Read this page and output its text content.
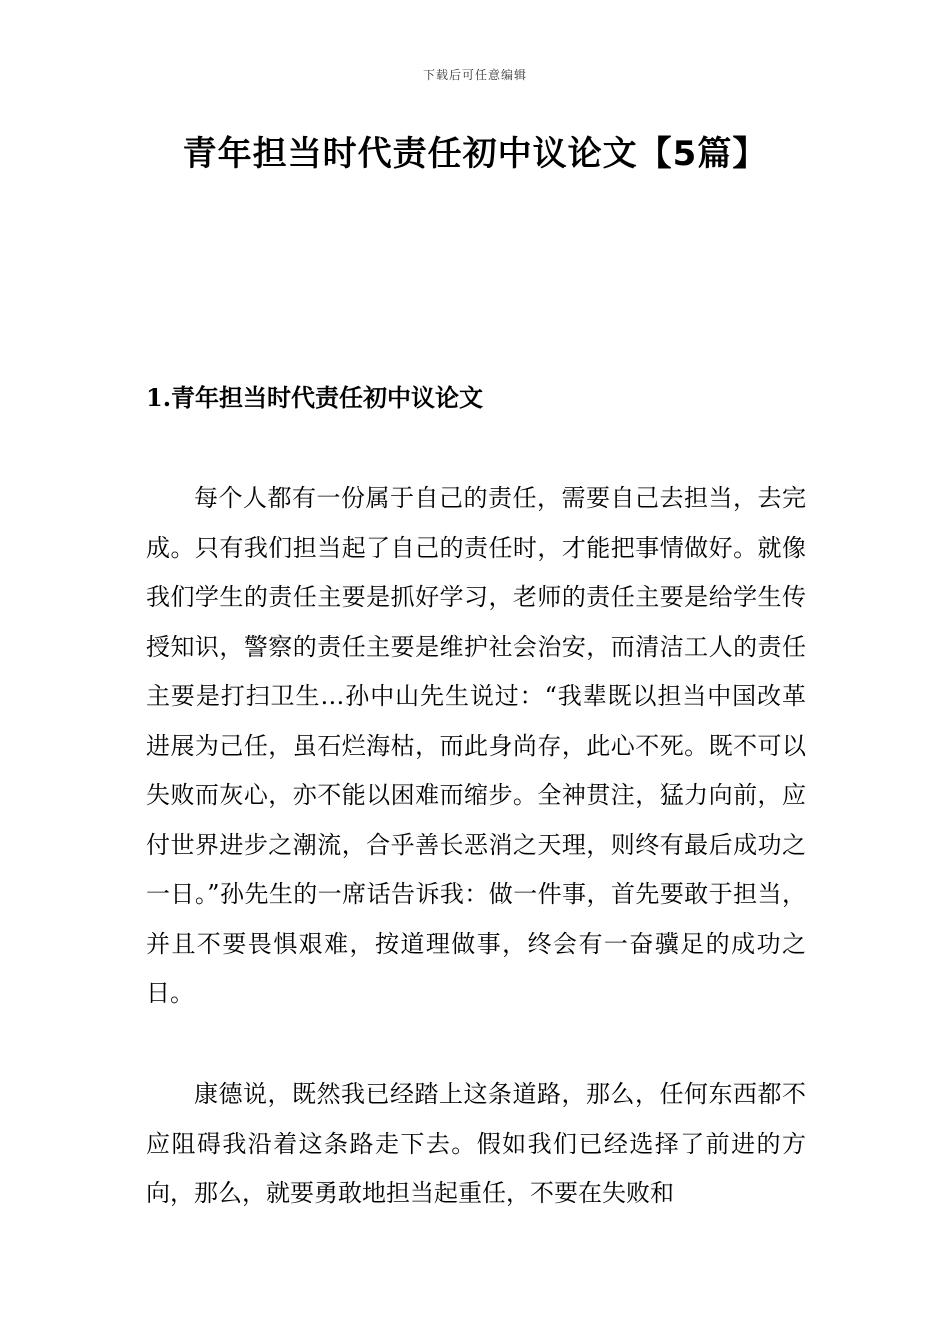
下载后可任意编辑
青年担当时代责任初中议论文【5篇】
1.青年担当时代责任初中议论文

每个人都有一份属于自己的责任，需要自己去担当，去完成。只有我们担当起了自己的责任时，才能把事情做好。就像我们学生的责任主要是抓好学习，老师的责任主要是给学生传授知识，警察的责任主要是维护社会治安，而清洁工人的责任主要是打扫卫生…孙中山先生说过：“我辈既以担当中国改革进展为己任，虽石烂海枯，而此身尚存，此心不死。既不可以失败而灰心，亦不能以困难而缩步。全神贯注，猛力向前，应付世界进步之潮流，合乎善长恶消之天理，则终有最后成功之一日。”孙先生的一席话告诉我：做一件事，首先要敢于担当，并且不要畏惧艰难，按道理做事，终会有一奋骥足的成功之日。

康德说，既然我已经踏上这条道路，那么，任何东西都不应阻碍我沿着这条路走下去。假如我们已经选择了前进的方向，那么，就要勇敢地担当起重任，不要在失败和
